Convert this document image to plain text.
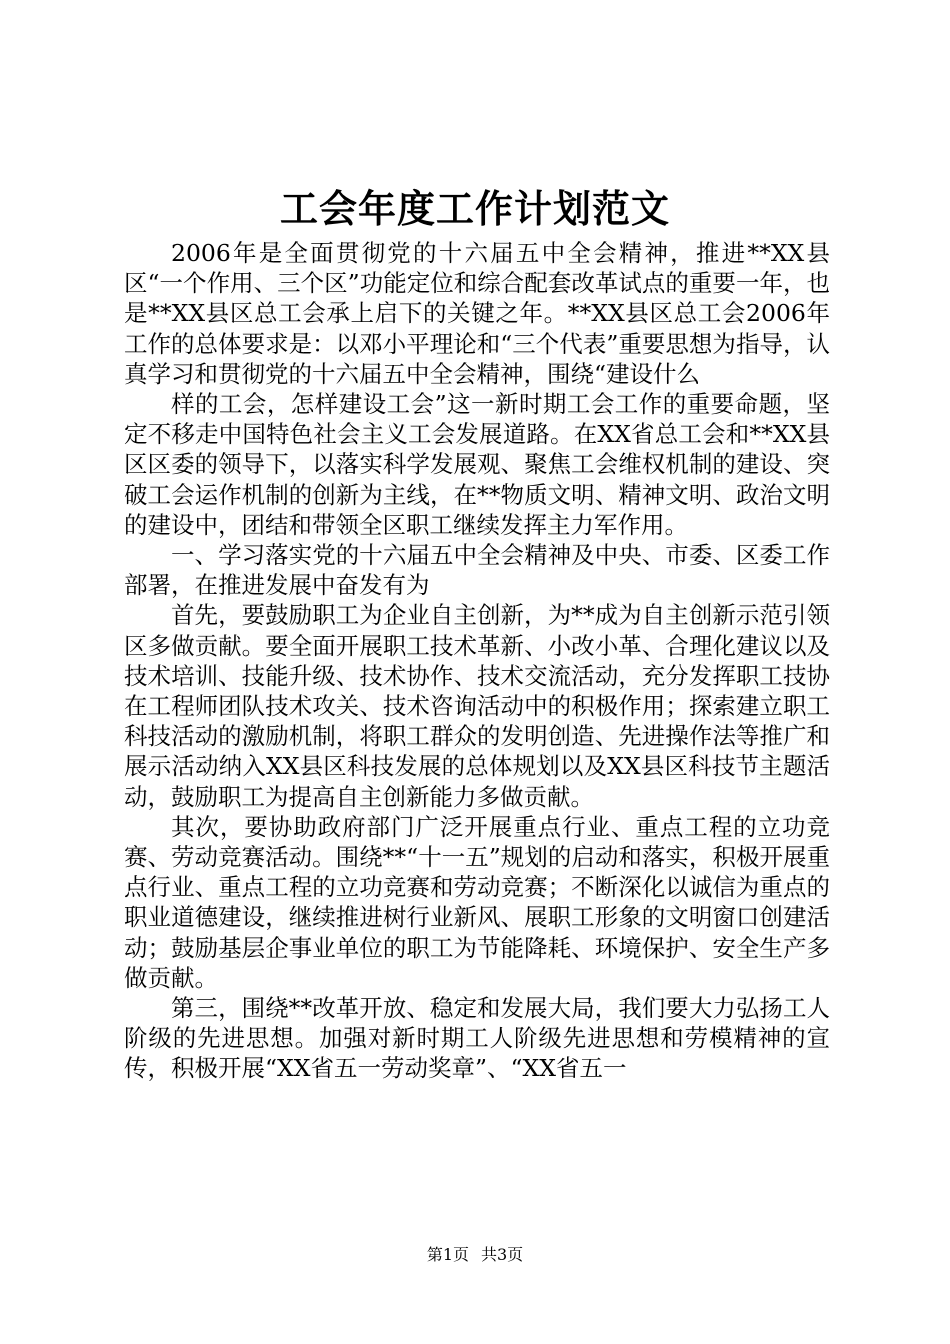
工会年度工作计划范文

2006年是全面贯彻党的十六届五中全会精神，推进**XX县区“一个作用、三个区”功能定位和综合配套改革试点的重要一年，也是**XX县区总工会承上启下的关键之年。**XX县区总工会2006年工作的总体要求是：以邓小平理论和“三个代表”重要思想为指导，认真学习和贯彻党的十六届五中全会精神，围绕“建设什么

样的工会，怎样建设工会”这一新时期工会工作的重要命题，坚定不移走中国特色社会主义工会发展道路。在XX省总工会和**XX县区区委的领导下，以落实科学发展观、聚焦工会维权机制的建设、突破工会运作机制的创新为主线，在**物质文明、精神文明、政治文明的建设中，团结和带领全区职工继续发挥主力军作用。

一、学习落实党的十六届五中全会精神及中央、市委、区委工作部署，在推进发展中奋发有为

首先，要鼓励职工为企业自主创新，为**成为自主创新示范引领区多做贡献。要全面开展职工技术革新、小改小革、合理化建议以及技术培训、技能升级、技术协作、技术交流活动，充分发挥职工技协在工程师团队技术攻关、技术咨询活动中的积极作用；探索建立职工科技活动的激励机制，将职工群众的发明创造、先进操作法等推广和展示活动纳入XX县区科技发展的总体规划以及XX县区科技节主题活动，鼓励职工为提高自主创新能力多做贡献。

其次，要协助政府部门广泛开展重点行业、重点工程的立功竞赛、劳动竞赛活动。围绕**“十一五”规划的启动和落实，积极开展重点行业、重点工程的立功竞赛和劳动竞赛；不断深化以诚信为重点的职业道德建设，继续推进树行业新风、展职工形象的文明窗口创建活动；鼓励基层企事业单位的职工为节能降耗、环境保护、安全生产多做贡献。

第三，围绕**改革开放、稳定和发展大局，我们要大力弘扬工人阶级的先进思想。加强对新时期工人阶级先进思想和劳模精神的宣传，积极开展“XX省五一劳动奖章”、“XX省五一

第1页 共3页
